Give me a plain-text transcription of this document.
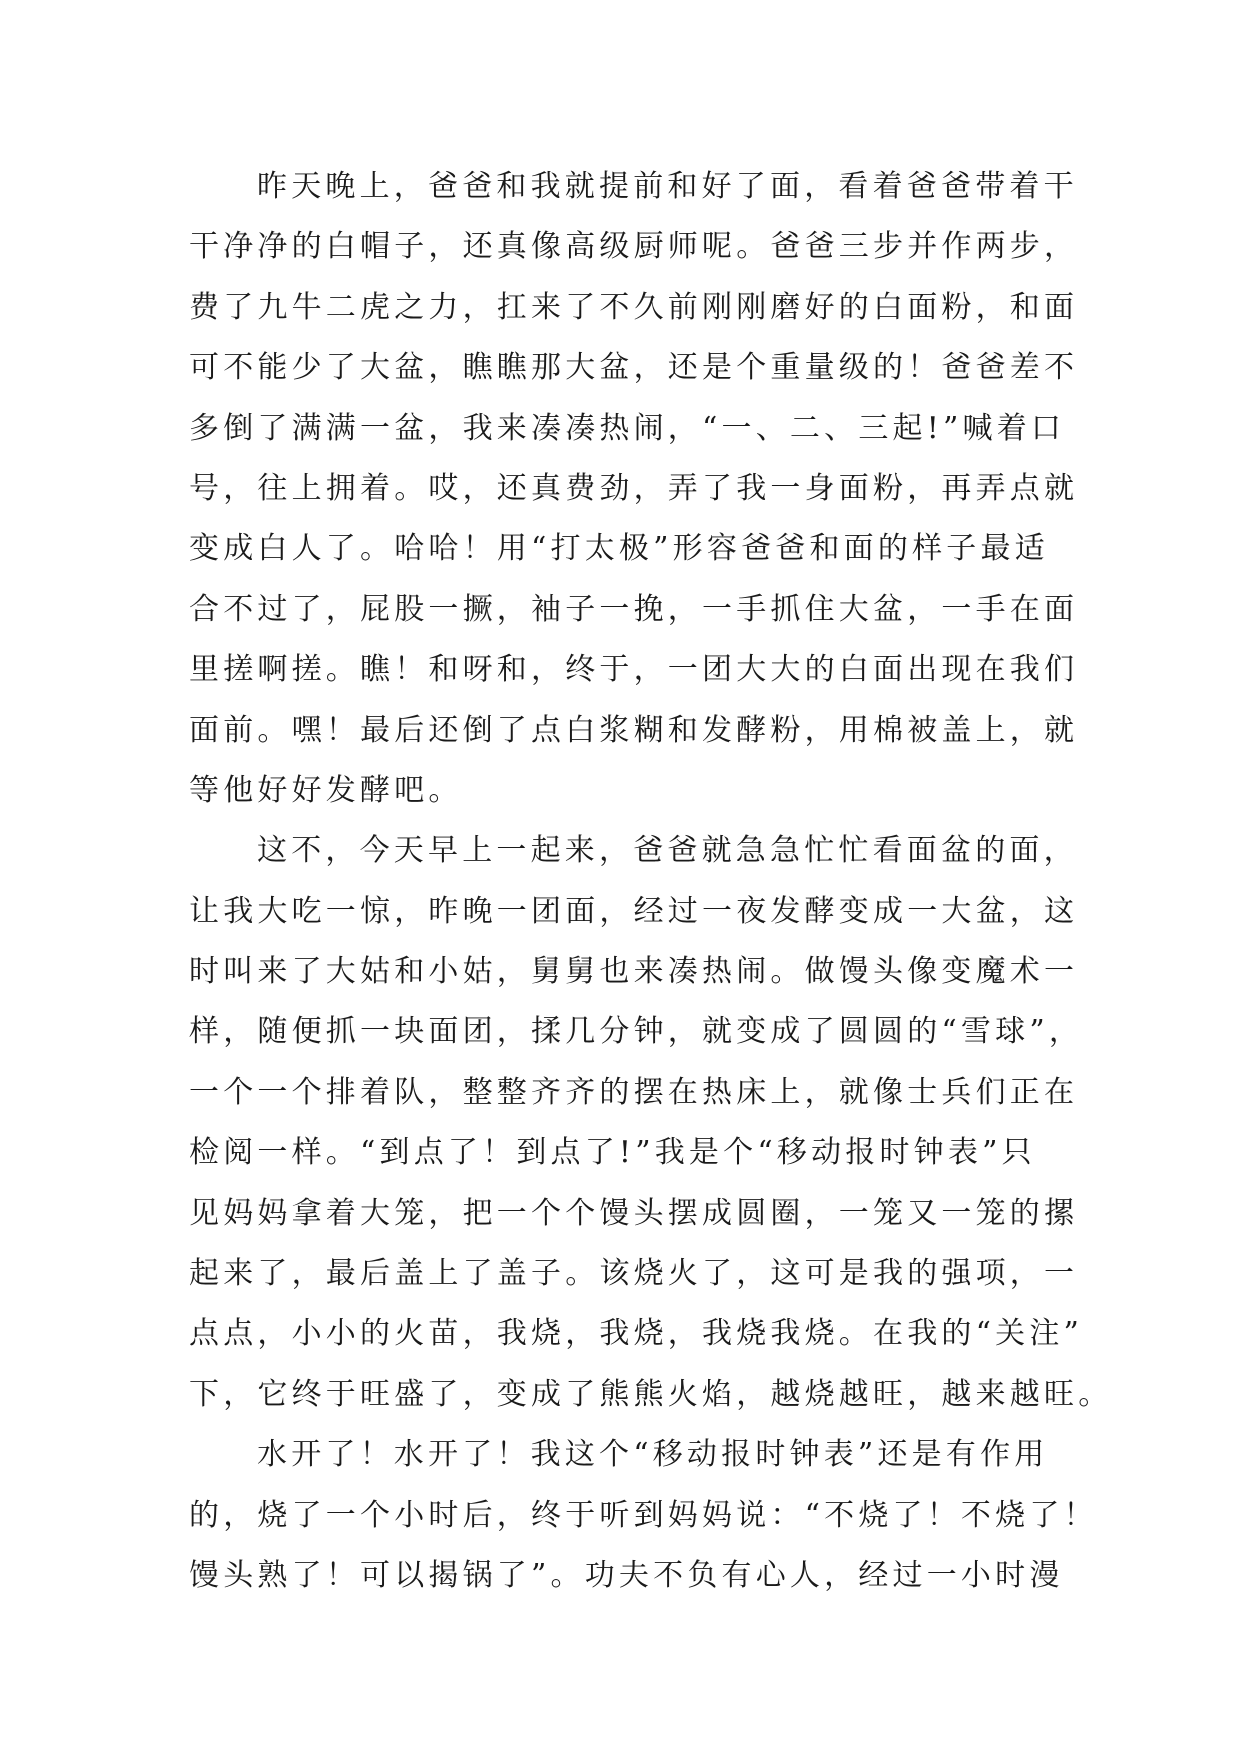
昨天晚上，爸爸和我就提前和好了面，看着爸爸带着干
干净净的白帽子，还真像高级厨师呢。爸爸三步并作两步，
费了九牛二虎之力，扛来了不久前刚刚磨好的白面粉，和面
可不能少了大盆，瞧瞧那大盆，还是个重量级的！爸爸差不
多倒了满满一盆，我来凑凑热闹，“一、二、三起!”喊着口
号，往上拥着。哎，还真费劲，弄了我一身面粉，再弄点就
变成白人了。哈哈！用“打太极”形容爸爸和面的样子最适
合不过了，屁股一撅，袖子一挽，一手抓住大盆，一手在面
里搓啊搓。瞧！和呀和，终于，一团大大的白面出现在我们
面前。嘿！最后还倒了点白浆糊和发酵粉，用棉被盖上，就
等他好好发酵吧。
这不，今天早上一起来，爸爸就急急忙忙看面盆的面，
让我大吃一惊，昨晚一团面，经过一夜发酵变成一大盆，这
时叫来了大姑和小姑，舅舅也来凑热闹。做馒头像变魔术一
样，随便抓一块面团，揉几分钟，就变成了圆圆的“雪球”，
一个一个排着队，整整齐齐的摆在热床上，就像士兵们正在
检阅一样。“到点了！到点了!”我是个“移动报时钟表”只
见妈妈拿着大笼，把一个个馒头摆成圆圈，一笼又一笼的摞
起来了，最后盖上了盖子。该烧火了，这可是我的强项，一
点点，小小的火苗，我烧，我烧，我烧我烧。在我的“关注”
下，它终于旺盛了，变成了熊熊火焰，越烧越旺，越来越旺。
水开了！水开了！我这个“移动报时钟表”还是有作用
的，烧了一个小时后，终于听到妈妈说：“不烧了！不烧了！
馒头熟了！可以揭锅了”。功夫不负有心人，经过一小时漫
